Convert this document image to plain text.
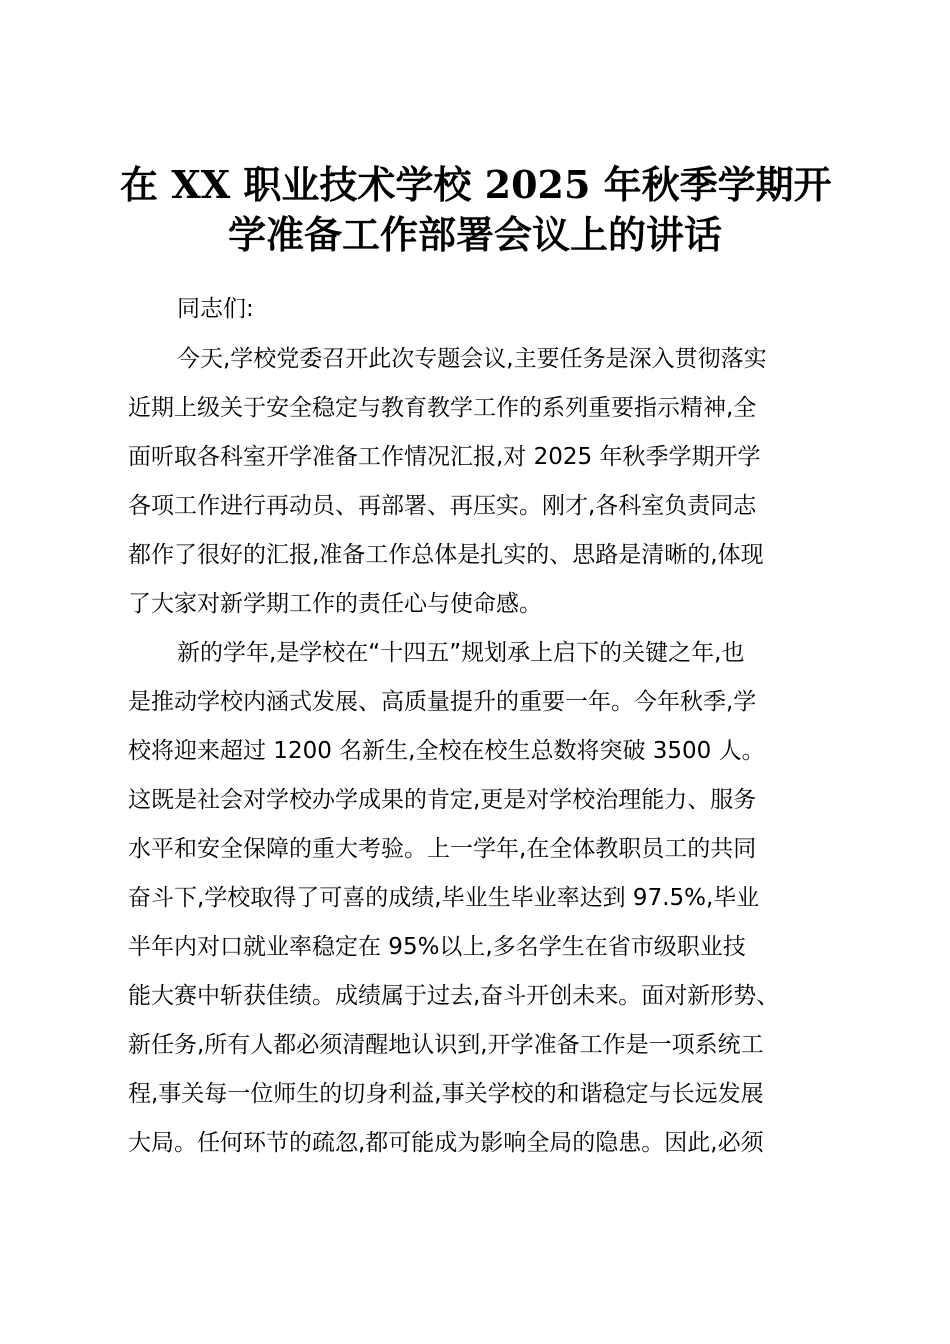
在 XX 职业技术学校 2025 年秋季学期开
学准备工作部署会议上的讲话
同志们:
今天,学校党委召开此次专题会议,主要任务是深入贯彻落实
近期上级关于安全稳定与教育教学工作的系列重要指示精神,全
面听取各科室开学准备工作情况汇报,对 2025 年秋季学期开学
各项工作进行再动员、再部署、再压实。刚才,各科室负责同志
都作了很好的汇报,准备工作总体是扎实的、思路是清晰的,体现
了大家对新学期工作的责任心与使命感。
新的学年,是学校在“十四五”规划承上启下的关键之年,也
是推动学校内涵式发展、高质量提升的重要一年。今年秋季,学
校将迎来超过 1200 名新生,全校在校生总数将突破 3500 人。
这既是社会对学校办学成果的肯定,更是对学校治理能力、服务
水平和安全保障的重大考验。上一学年,在全体教职员工的共同
奋斗下,学校取得了可喜的成绩,毕业生毕业率达到 97.5%,毕业
半年内对口就业率稳定在 95%以上,多名学生在省市级职业技
能大赛中斩获佳绩。成绩属于过去,奋斗开创未来。面对新形势、
新任务,所有人都必须清醒地认识到,开学准备工作是一项系统工
程,事关每一位师生的切身利益,事关学校的和谐稳定与长远发展
大局。任何环节的疏忽,都可能成为影响全局的隐患。因此,必须
